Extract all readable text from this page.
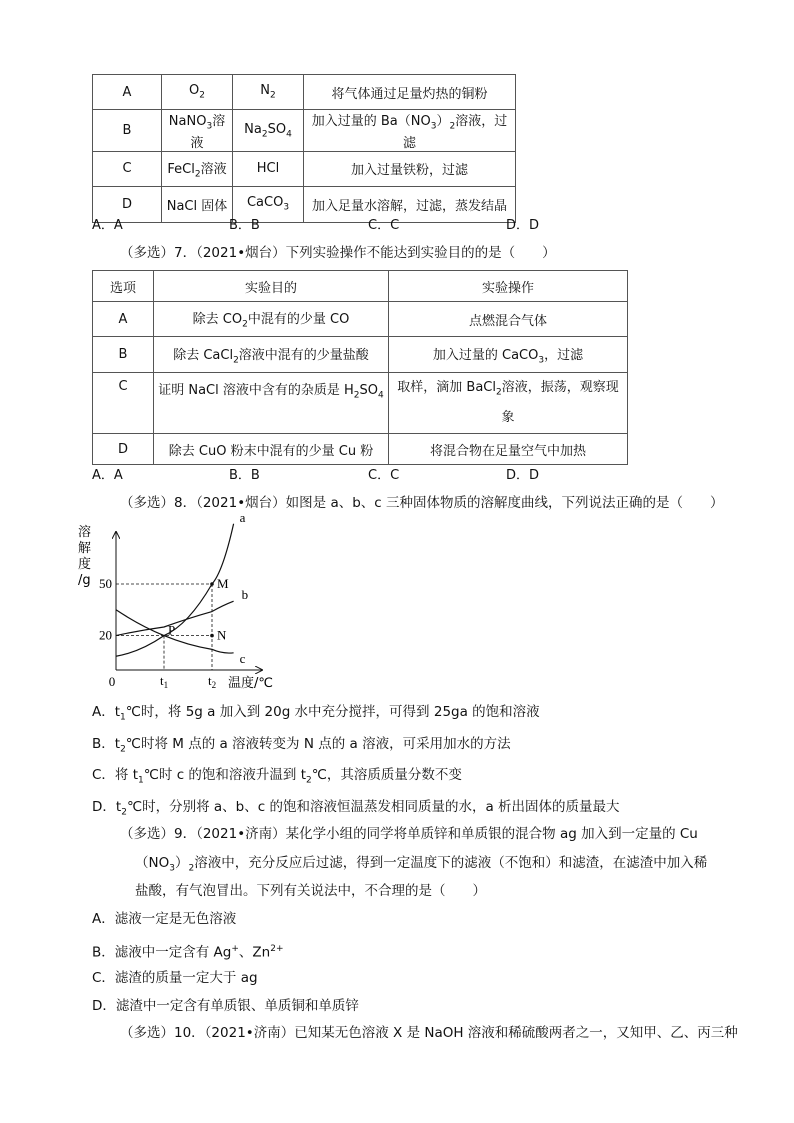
A	$O_2$	$N_2$	将气体通过足量灼热的铜粉
B	NaNO$_3$溶液	$Na_2SO_4$	加入过量的 $Ba(NO_3)_2$溶液，过滤
C	FeCl$_2$溶液	HCl	加入过量铁粉，过滤
D	NaCl 固体	CaCO$_3$	加入足量水溶解，过滤，蒸发结晶
A．A	B．B	C．C	D．D
（多选）7．（2021•烟台）下列实验操作不能达到实验目的的是（　　）
选项	实验目的	实验操作
A	除去 $CO_2$中混有的少量 CO	点燃混合气体
B	除去 CaCl$_2$溶液中混有的少量盐酸	加入过量的 CaCO$_3$，过滤
C	证明 NaCl 溶液中含有的杂质是 $H_2SO_4$	取样，滴加 BaCl$_2$溶液，振荡，观察现
象
D	除去 CuO 粉末中混有的少量 Cu 粉	将混合物在足量空气中加热
A．A	B．B	C．C	D．D
（多选）8．（2021•烟台）如图是 a、b、c 三种固体物质的溶解度曲线，下列说法正确的是（　　）
溶
解
度
/g
0	温度/℃
20
50
$t_1$	$t_2$
a
b
c
M
N
P
A．$t_1℃$时，将 5g a 加入到 20g 水中充分搅拌，可得到 25ga 的饱和溶液
B．$t_2℃$时将 M 点的 a 溶液转变为 N 点的 a 溶液，可采用加水的方法
C．将 $t_1℃$时 c 的饱和溶液升温到 $t_2℃$，其溶质质量分数不变
D．$t_2℃$时，分别将 a、b、c 的饱和溶液恒温蒸发相同质量的水，a 析出固体的质量最大
（多选）9．（2021•济南）某化学小组的同学将单质锌和单质银的混合物 ag 加入到一定量的 Cu
$(NO_3)_2$溶液中，充分反应后过滤，得到一定温度下的滤液（不饱和）和滤渣，在滤渣中加入稀
盐酸，有气泡冒出。下列有关说法中，不合理的是（　　）
A．滤液一定是无色溶液
B．滤液中一定含有 Ag+、$Zn^{2+}$
C．滤渣的质量一定大于 ag
D．滤渣中一定含有单质银、单质铜和单质锌
（多选）10．（2021•济南）已知某无色溶液 X 是 NaOH 溶液和稀硫酸两者之一，又知甲、乙、丙三种
